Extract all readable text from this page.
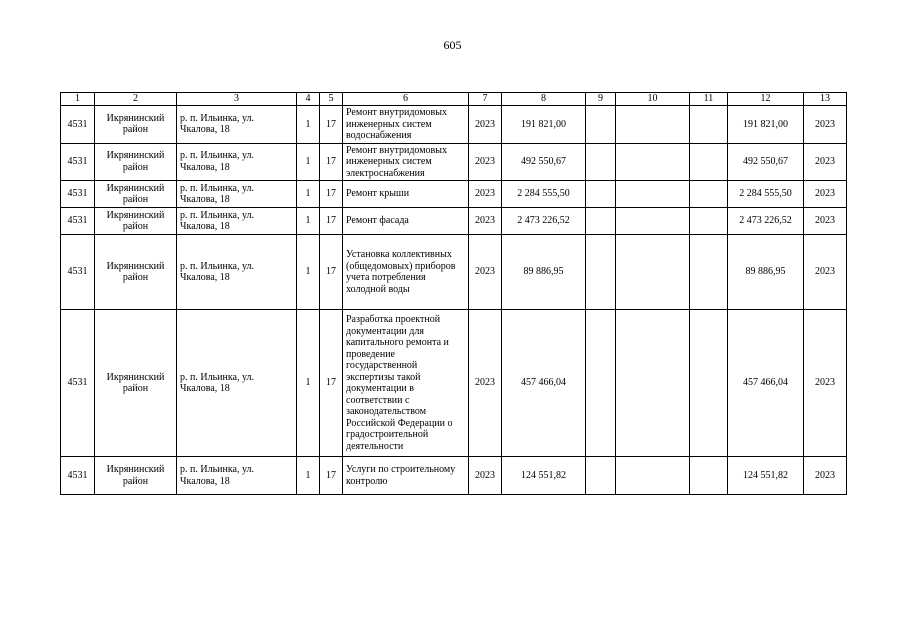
605
1	2	3	4	5	6	7	8	9	10	11	12	13
4531	Икрянинский район	р. п. Ильинка, ул. Чкалова, 18	1	17	Ремонт внутридомовых инженерных систем водоснабжения	2023	191 821,00				191 821,00	2023
4531	Икрянинский район	р. п. Ильинка, ул. Чкалова, 18	1	17	Ремонт внутридомовых инженерных систем электроснабжения	2023	492 550,67				492 550,67	2023
4531	Икрянинский район	р. п. Ильинка, ул. Чкалова, 18	1	17	Ремонт крыши	2023	2 284 555,50				2 284 555,50	2023
4531	Икрянинский район	р. п. Ильинка, ул. Чкалова, 18	1	17	Ремонт фасада	2023	2 473 226,52				2 473 226,52	2023
4531	Икрянинский район	р. п. Ильинка, ул. Чкалова, 18	1	17	Установка коллективных (общедомовых) приборов учета потребления холодной воды	2023	89 886,95				89 886,95	2023
4531	Икрянинский район	р. п. Ильинка, ул. Чкалова, 18	1	17	Разработка проектной документации для капитального ремонта и проведение государственной экспертизы такой документации в соответствии с законодательством Российской Федерации о градостроительной деятельности	2023	457 466,04				457 466,04	2023
4531	Икрянинский район	р. п. Ильинка, ул. Чкалова, 18	1	17	Услуги по строительному контролю	2023	124 551,82				124 551,82	2023
